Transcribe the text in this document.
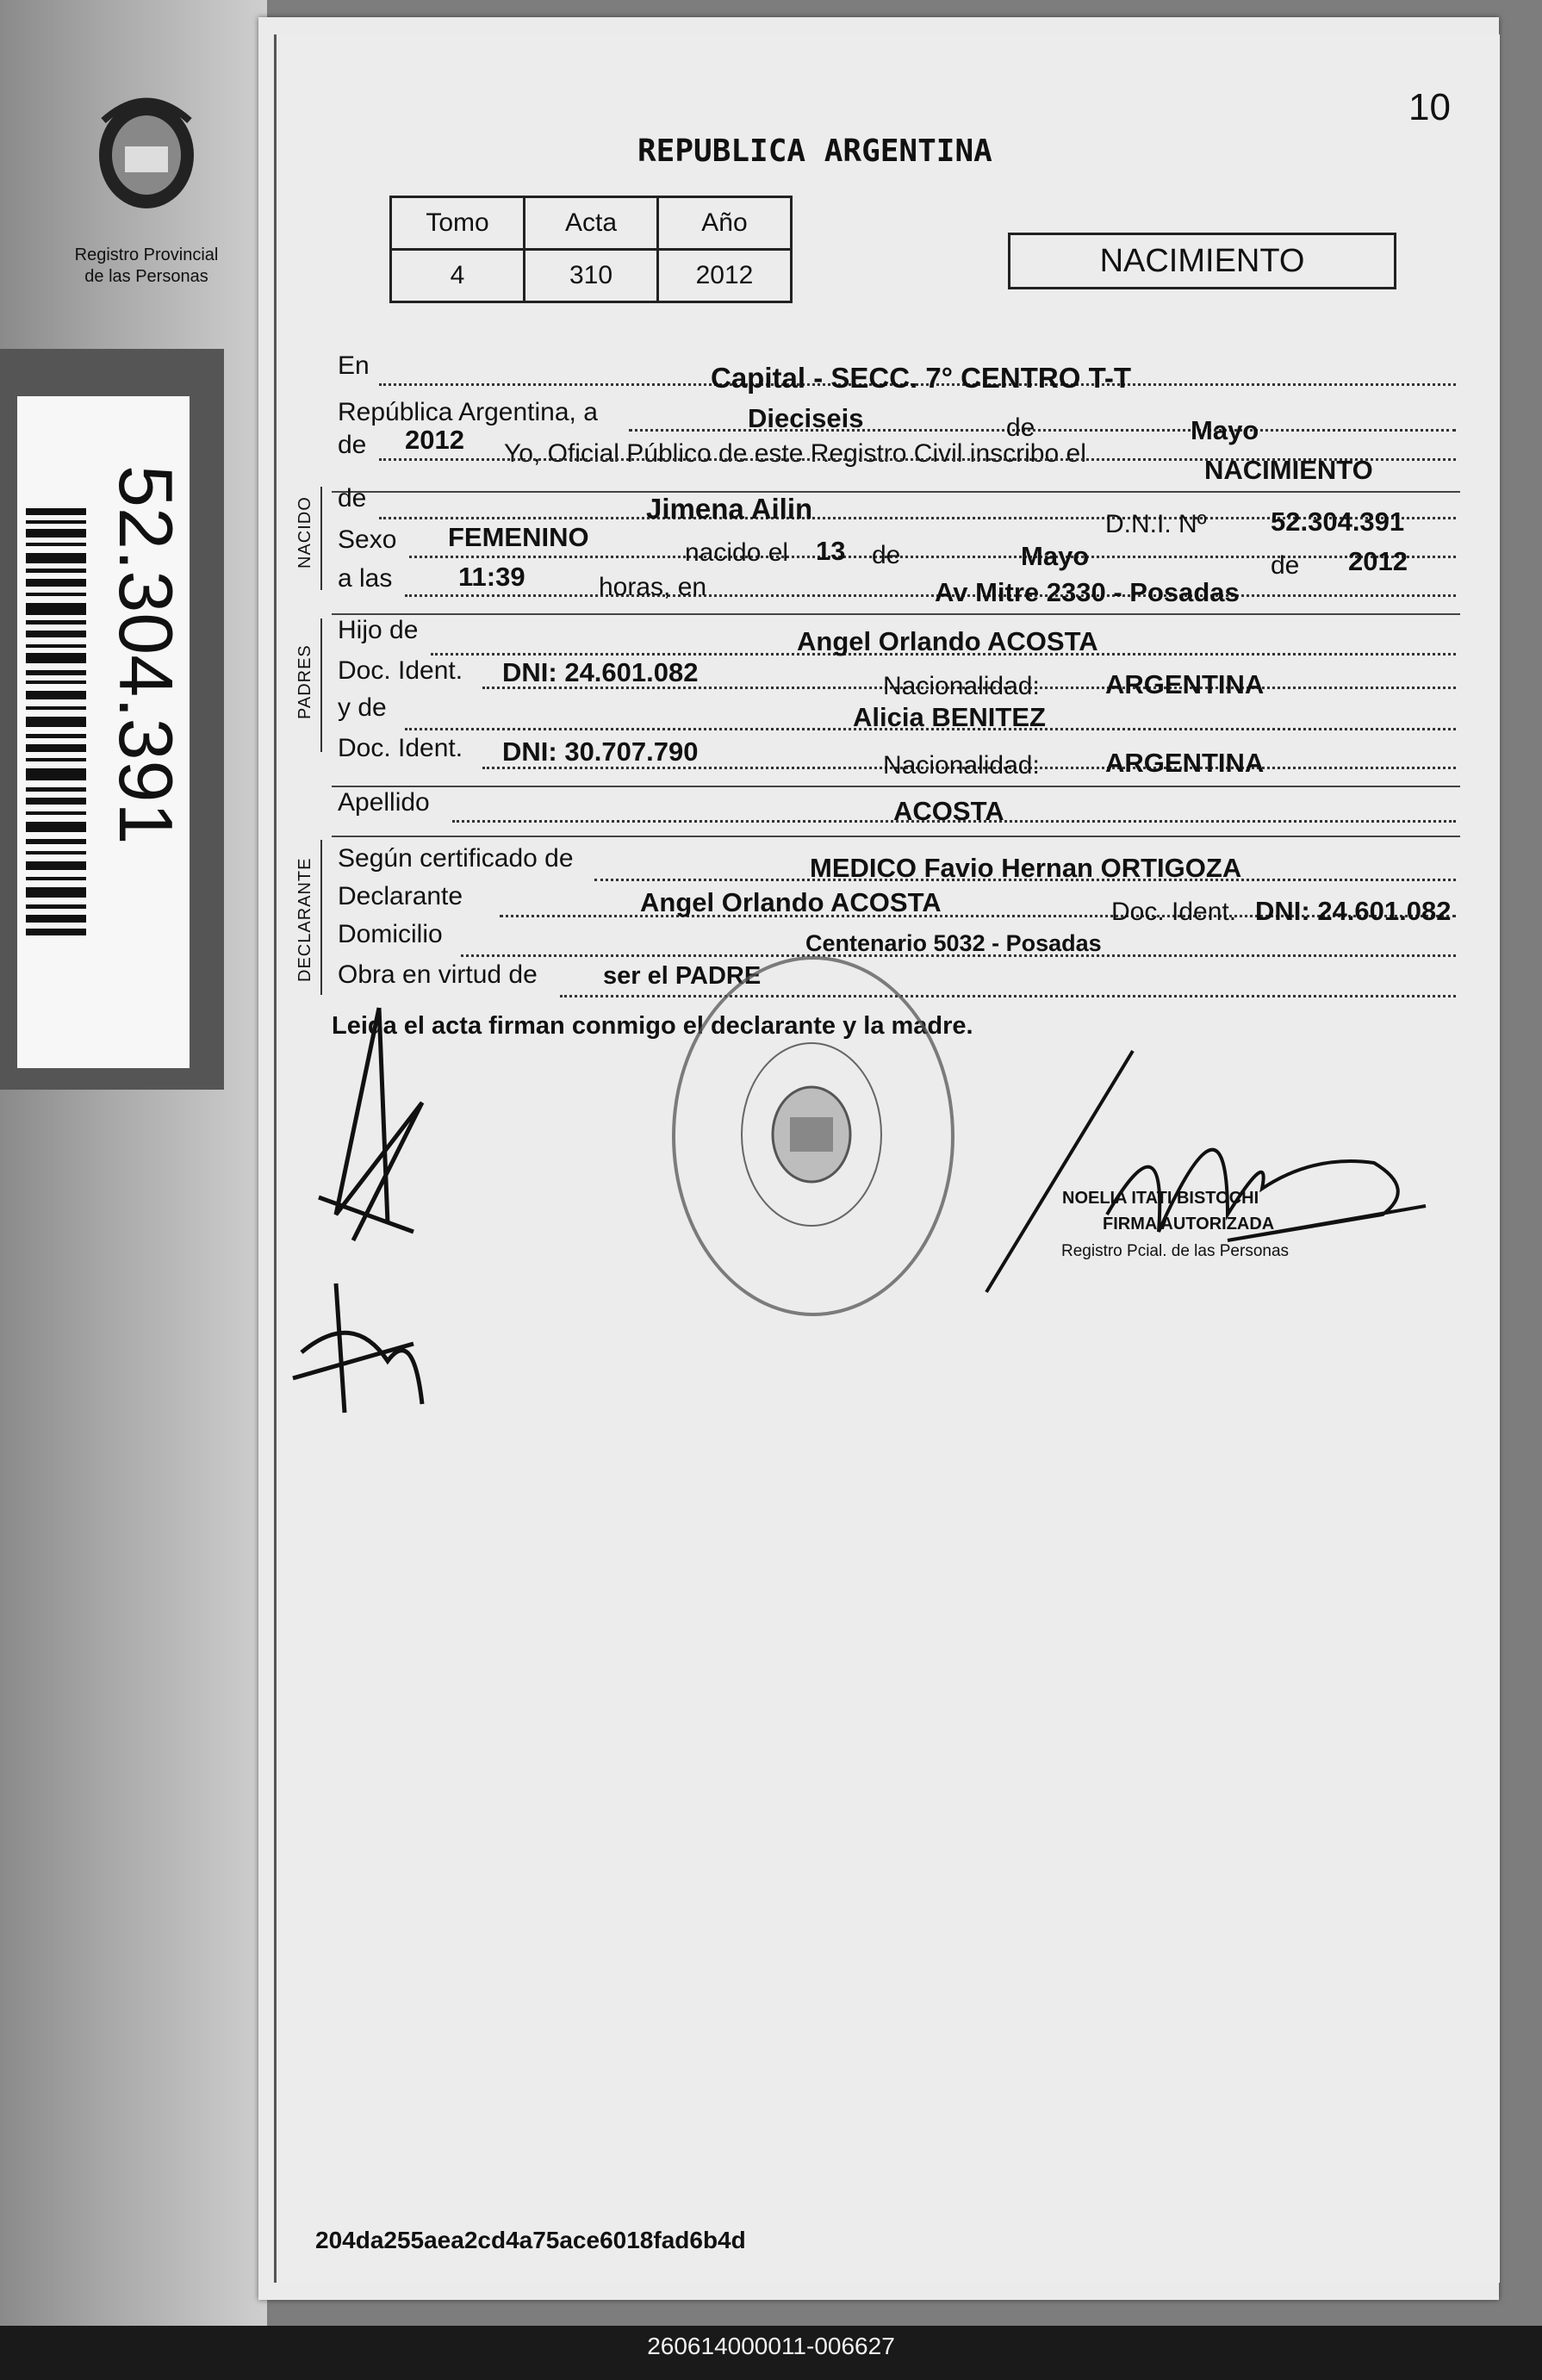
Registro Provincial
de las Personas
52.304.391
10
REPUBLICA ARGENTINA
Tomo	Acta	Año
4	310	2012	NACIMIENTO
En	Capital - SECC. 7° CENTRO T-T
República Argentina, a	Dieciseis	de	Mayo
de 2012 Yo, Oficial Público de este Registro Civil inscribo el
NACIMIENTO
NACIDO de	Jimena Ailin	D.N.I. Nº 52.304.391
Sexo FEMENINO
nacido el 13 de	Mayo	de 2012
a las 11:39	horas, en	Av Mitre 2330 - Posadas
PADRES
Hijo de	Angel Orlando ACOSTA
Doc. Ident. DNI: 24.601.082	Nacionalidad: ARGENTINA
y de	Alicia BENITEZ
Doc. Ident. DNI: 30.707.790	Nacionalidad: ARGENTINA
Apellido	ACOSTA
DECLARANTE Según certificado de	MEDICO Favio Hernan ORTIGOZA
Declarante	Angel Orlando ACOSTA	Doc. Ident. DNI: 24.601.082
Domicilio	Centenario 5032 - Posadas
Obra en virtud de	ser el PADRE
Leida el acta firman conmigo el declarante y la madre.
NOELIA ITATI BISTOCHI
FIRMA AUTORIZADA
Registro Pcial. de las Personas
204da255aea2cd4a75ace6018fad6b4d
260614000011-006627
